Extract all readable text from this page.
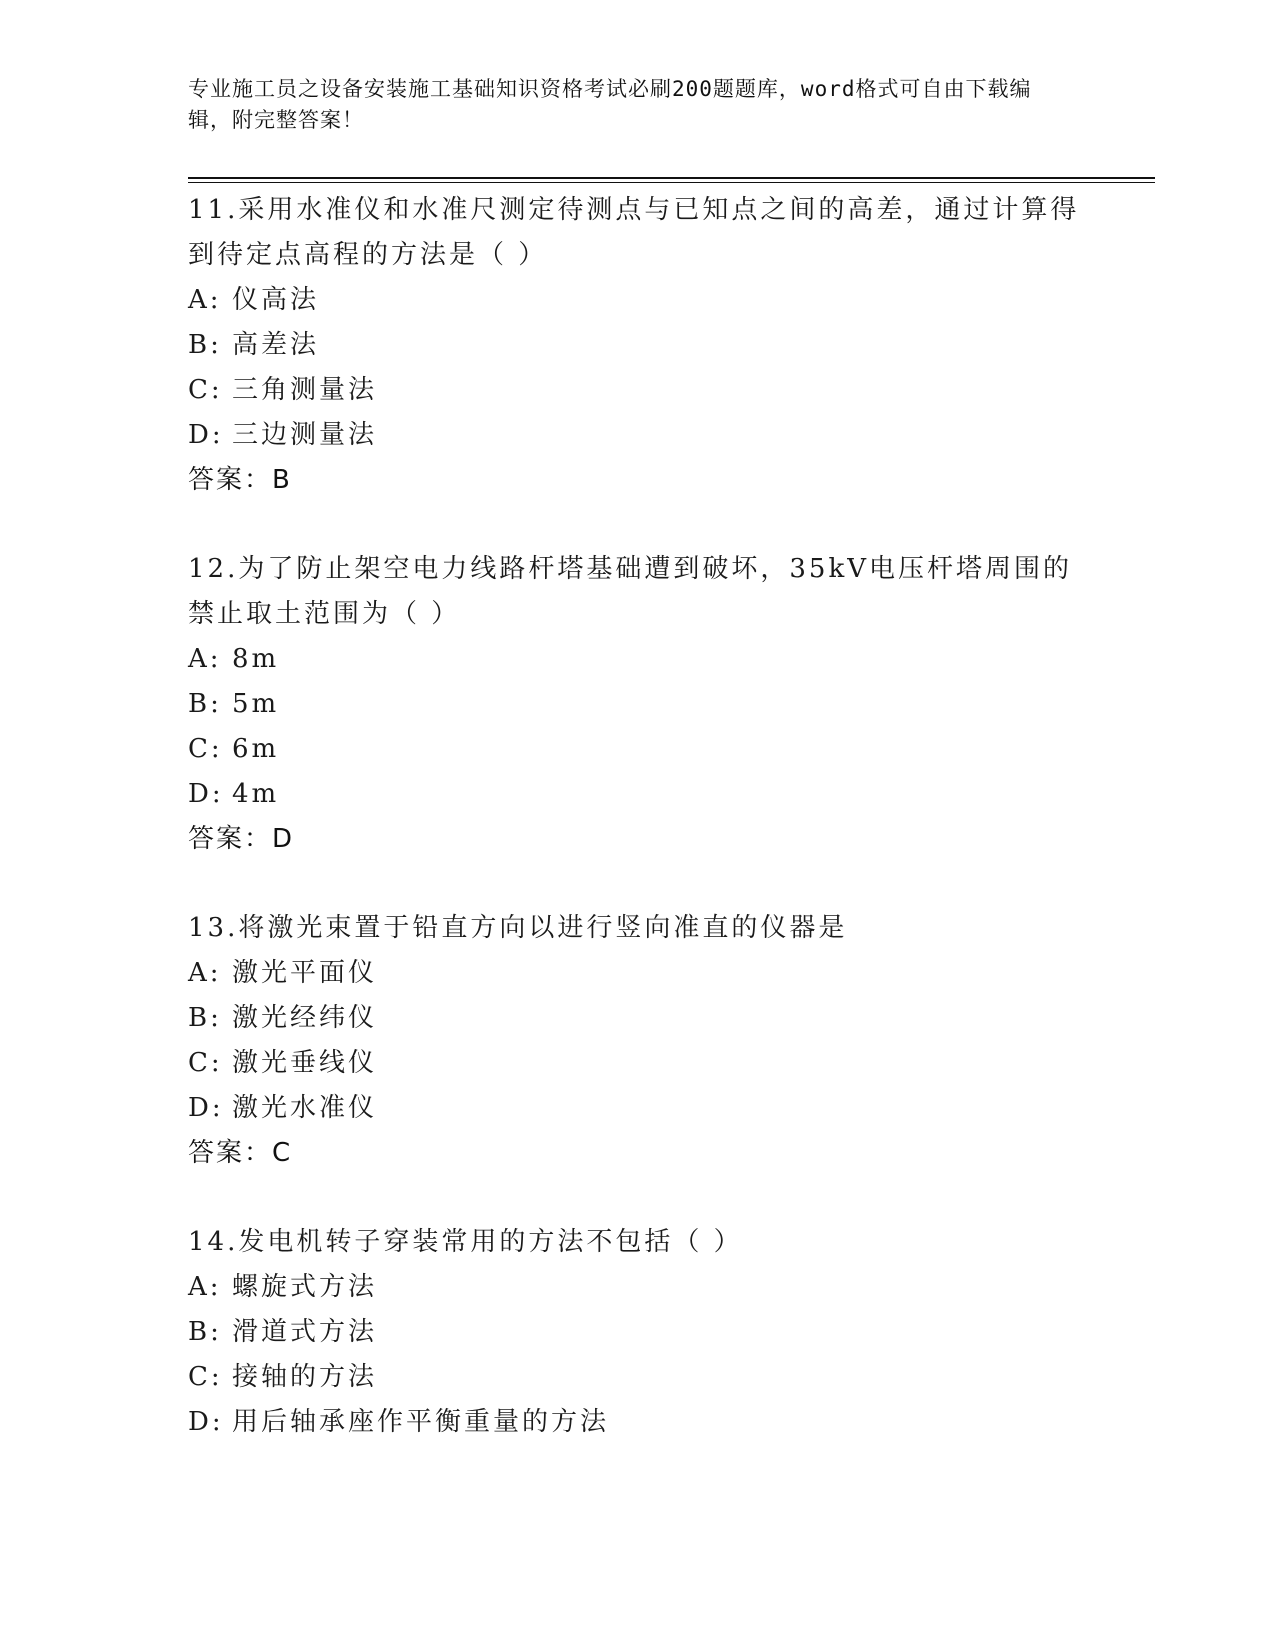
专业施工员之设备安装施工基础知识资格考试必刷200题题库，word格式可自由下载编辑，附完整答案！

11.采用水准仪和水准尺测定待测点与已知点之间的高差，通过计算得到待定点高程的方法是（ ）

A: 仪高法

B: 高差法

C: 三角测量法

D: 三边测量法

答案：B

12.为了防止架空电力线路杆塔基础遭到破坏，35kV电压杆塔周围的禁止取土范围为（ ）

A: 8m

B: 5m

C: 6m

D: 4m

答案：D

13.将激光束置于铅直方向以进行竖向准直的仪器是

A: 激光平面仪

B: 激光经纬仪

C: 激光垂线仪

D: 激光水准仪

答案：C

14.发电机转子穿装常用的方法不包括（ ）

A: 螺旋式方法

B: 滑道式方法

C: 接轴的方法

D: 用后轴承座作平衡重量的方法
